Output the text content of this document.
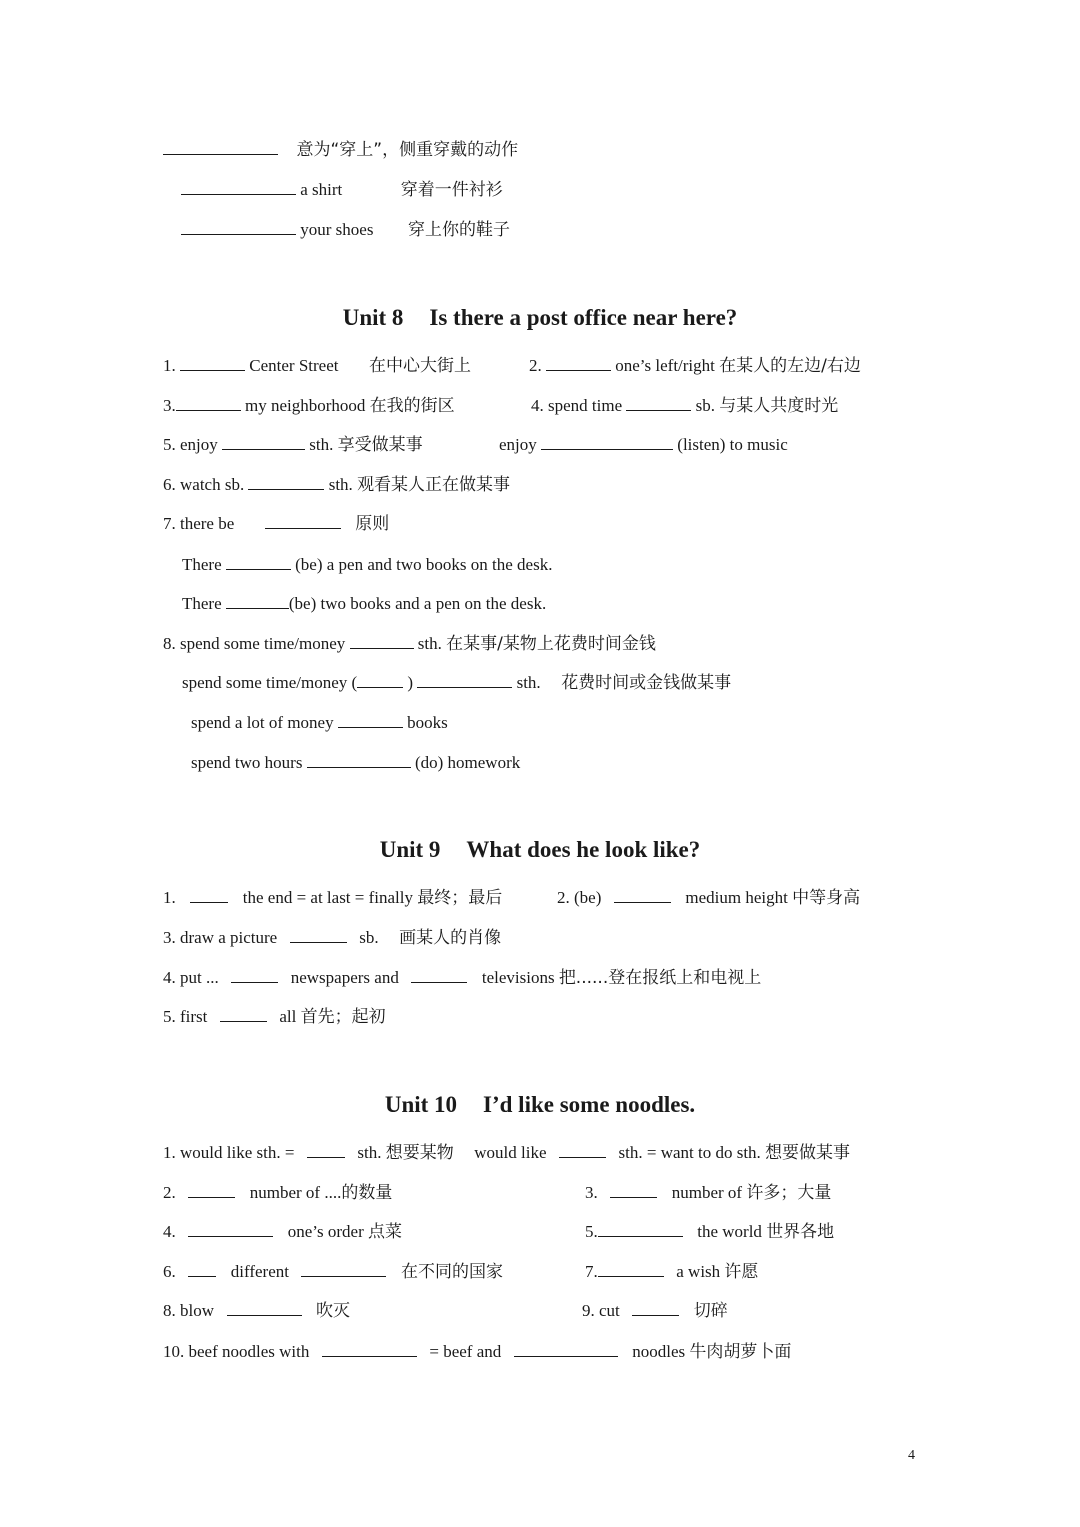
意为“穿上”，侧重穿戴的动作
a shirt	穿着一件衬衫
your shoes 穿上你的鞋子
Unit 8 Is there a post office near here?
1.	Center Street 在中心大街上	2.	one’s left/right 在某人的左边/右边
3.	my neighborhood 在我的街区	4. spend time	sb. 与某人共度时光
5. enjoy	sth. 享受做某事	enjoy	(listen) to music
6. watch sb.	sth. 观看某人正在做某事
7. there be	原则
There	(be) a pen and two books on the desk.
There	(be) two books and a pen on the desk.
8. spend some time/money	sth. 在某事/某物上花费时间金钱
spend some time/money (	)	sth. 花费时间或金钱做某事
spend a lot of money	books
spend two hours	(do) homework
Unit 9 What does he look like?
1.	the end = at last = finally 最终；最后	2. (be)	medium height 中等身高
3. draw a picture	sb. 画某人的肖像
4. put ...	newspapers and	televisions 把......登在报纸上和电视上
5. first	all 首先；起初
Unit 10 I’d like some noodles.
1. would like sth. =	sth. 想要某物 would like	sth. = want to do sth. 想要做某事
2.	number of ....的数量	3.	number of 许多；大量
4.	one’s order 点菜	5.	the world 世界各地
6.	different	在不同的国家	7.	a wish 许愿
8. blow	吹灭	9. cut	切碎
10. beef noodles with	= beef and	noodles 牛肉胡萝卜面
4
